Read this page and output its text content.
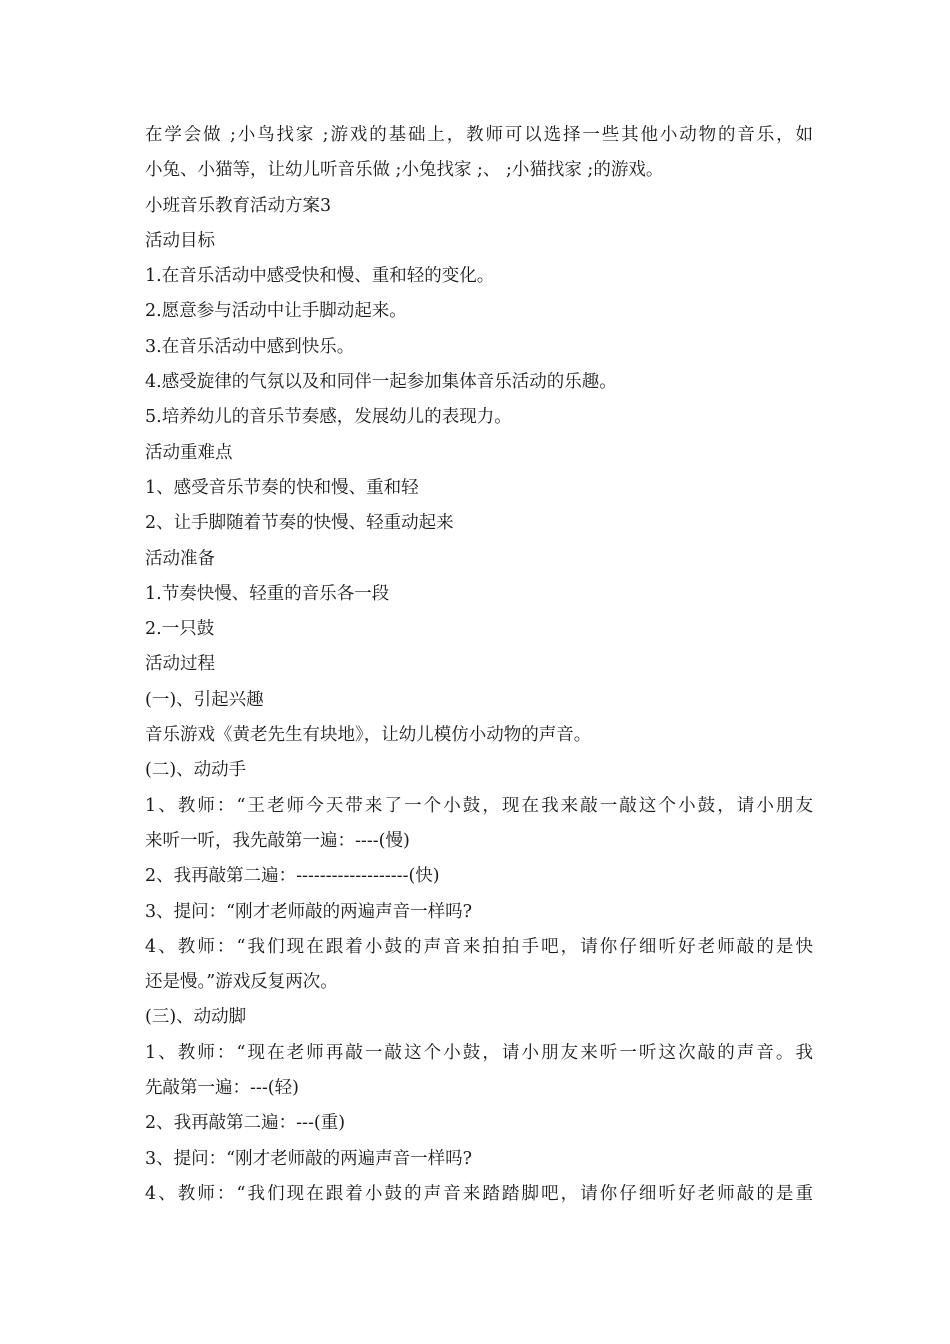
在学会做 ;小鸟找家 ;游戏的基础上，教师可以选择一些其他小动物的音乐，如
小兔、小猫等，让幼儿听音乐做 ;小兔找家 ;、 ;小猫找家 ;的游戏。
小班音乐教育活动方案3
活动目标
1.在音乐活动中感受快和慢、重和轻的变化。
2.愿意参与活动中让手脚动起来。
3.在音乐活动中感到快乐。
4.感受旋律的气氛以及和同伴一起参加集体音乐活动的乐趣。
5.培养幼儿的音乐节奏感，发展幼儿的表现力。
活动重难点
1、感受音乐节奏的快和慢、重和轻
2、让手脚随着节奏的快慢、轻重动起来
活动准备
1.节奏快慢、轻重的音乐各一段
2.一只鼓
活动过程
(一)、引起兴趣
音乐游戏《黄老先生有块地》，让幼儿模仿小动物的声音。
(二)、动动手
1、教师：“王老师今天带来了一个小鼓，现在我来敲一敲这个小鼓，请小朋友
来听一听，我先敲第一遍：----(慢)
2、我再敲第二遍：-------------------(快)
3、提问：“刚才老师敲的两遍声音一样吗?
4、教师：“我们现在跟着小鼓的声音来拍拍手吧，请你仔细听好老师敲的是快
还是慢。”游戏反复两次。
(三)、动动脚
1、教师：“现在老师再敲一敲这个小鼓，请小朋友来听一听这次敲的声音。我
先敲第一遍：---(轻)
2、我再敲第二遍：---(重)
3、提问：“刚才老师敲的两遍声音一样吗?
4、教师：“我们现在跟着小鼓的声音来踏踏脚吧，请你仔细听好老师敲的是重
